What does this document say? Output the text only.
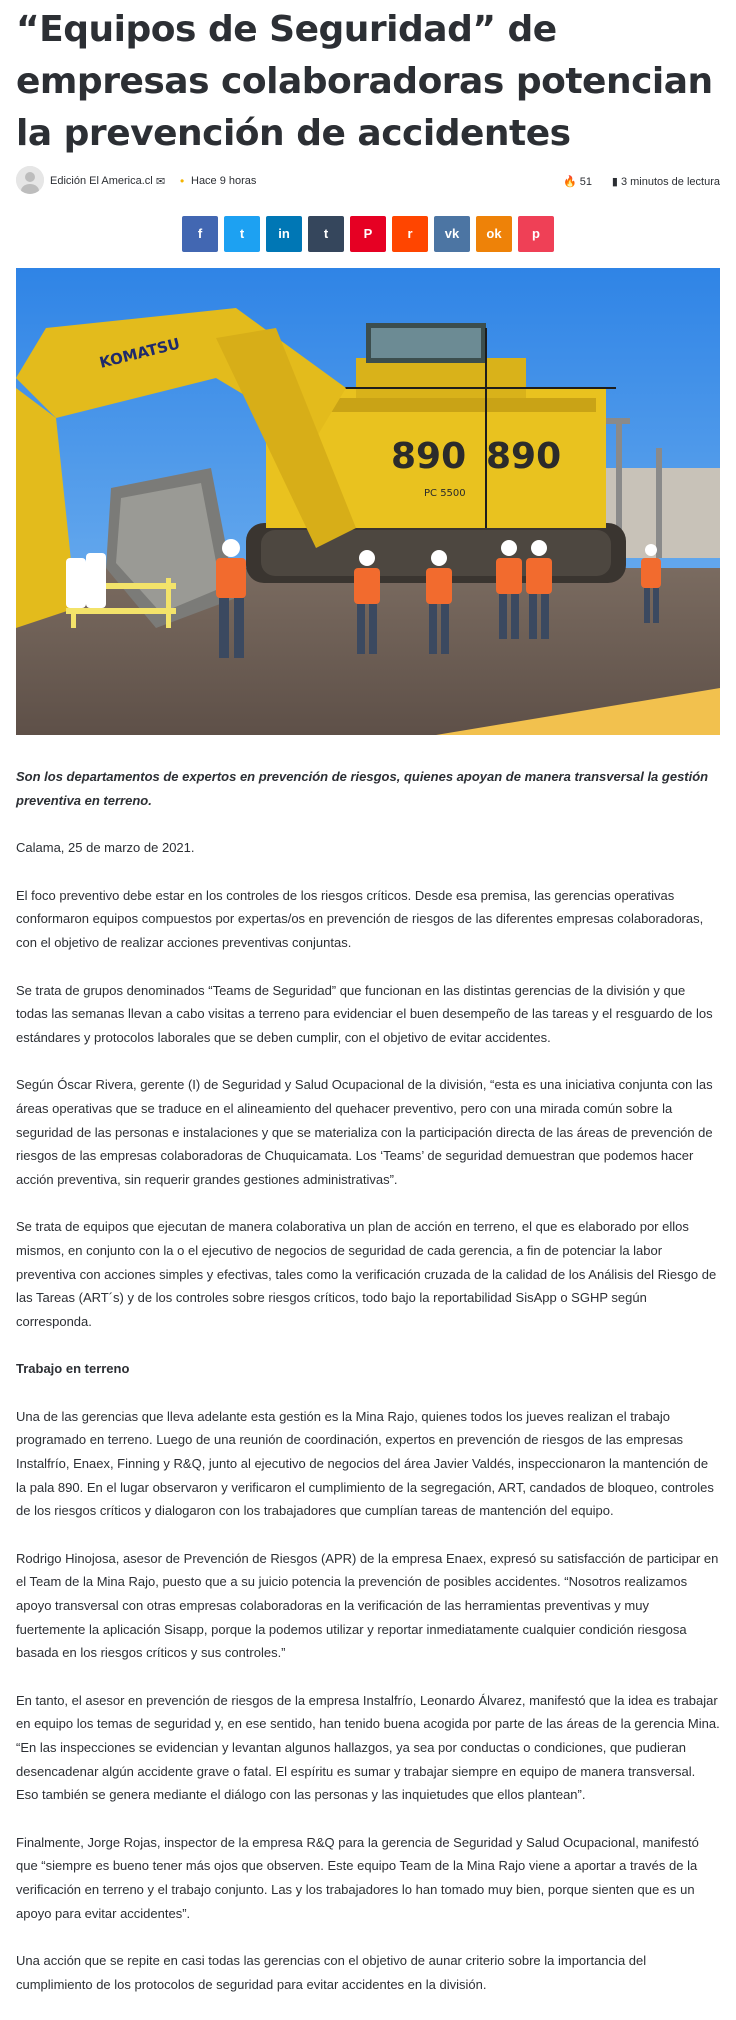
“Equipos de Seguridad” de empresas colaboradoras potencian la prevención de accidentes
Edición El America.cl ✉ • Hace 9 horas	🔥 51 ▮ 3 minutos de lectura
f	t	in	t	P	r vk ok p
890 890
PC 5500
KOMATSU

Son los departamentos de expertos en prevención de riesgos, quienes apoyan de manera transversal la gestión preventiva en terreno.

Calama, 25 de marzo de 2021.

El foco preventivo debe estar en los controles de los riesgos críticos. Desde esa premisa, las gerencias operativas conformaron equipos compuestos por expertas/os en prevención de riesgos de las diferentes empresas colaboradoras, con el objetivo de realizar acciones preventivas conjuntas.

Se trata de grupos denominados “Teams de Seguridad” que funcionan en las distintas gerencias de la división y que todas las semanas llevan a cabo visitas a terreno para evidenciar el buen desempeño de las tareas y el resguardo de los estándares y protocolos laborales que se deben cumplir, con el objetivo de evitar accidentes.

Según Óscar Rivera, gerente (I) de Seguridad y Salud Ocupacional de la división, “esta es una iniciativa conjunta con las áreas operativas que se traduce en el alineamiento del quehacer preventivo, pero con una mirada común sobre la seguridad de las personas e instalaciones y que se materializa con la participación directa de las áreas de prevención de riesgos de las empresas colaboradoras de Chuquicamata. Los ‘Teams’ de seguridad demuestran que podemos hacer acción preventiva, sin requerir grandes gestiones administrativas”.

Se trata de equipos que ejecutan de manera colaborativa un plan de acción en terreno, el que es elaborado por ellos mismos, en conjunto con la o el ejecutivo de negocios de seguridad de cada gerencia, a fin de potenciar la labor preventiva con acciones simples y efectivas, tales como la verificación cruzada de la calidad de los Análisis del Riesgo de las Tareas (ART´s) y de los controles sobre riesgos críticos, todo bajo la reportabilidad SisApp o SGHP según corresponda.

Trabajo en terreno

Una de las gerencias que lleva adelante esta gestión es la Mina Rajo, quienes todos los jueves realizan el trabajo programado en terreno. Luego de una reunión de coordinación, expertos en prevención de riesgos de las empresas Instalfrío, Enaex, Finning y R&Q, junto al ejecutivo de negocios del área Javier Valdés, inspeccionaron la mantención de la pala 890. En el lugar observaron y verificaron el cumplimiento de la segregación, ART, candados de bloqueo, controles de los riesgos críticos y dialogaron con los trabajadores que cumplían tareas de mantención del equipo.

Rodrigo Hinojosa, asesor de Prevención de Riesgos (APR) de la empresa Enaex, expresó su satisfacción de participar en el Team de la Mina Rajo, puesto que a su juicio potencia la prevención de posibles accidentes. “Nosotros realizamos apoyo transversal con otras empresas colaboradoras en la verificación de las herramientas preventivas y muy fuertemente la aplicación Sisapp, porque la podemos utilizar y reportar inmediatamente cualquier condición riesgosa basada en los riesgos críticos y sus controles.”

En tanto, el asesor en prevención de riesgos de la empresa Instalfrío, Leonardo Álvarez, manifestó que la idea es trabajar en equipo los temas de seguridad y, en ese sentido, han tenido buena acogida por parte de las áreas de la gerencia Mina. “En las inspecciones se evidencian y levantan algunos hallazgos, ya sea por conductas o condiciones, que pudieran desencadenar algún accidente grave o fatal. El espíritu es sumar y trabajar siempre en equipo de manera transversal. Eso también se genera mediante el diálogo con las personas y las inquietudes que ellos plantean”.

Finalmente, Jorge Rojas, inspector de la empresa R&Q para la gerencia de Seguridad y Salud Ocupacional, manifestó que “siempre es bueno tener más ojos que observen. Este equipo Team de la Mina Rajo viene a aportar a través de la verificación en terreno y el trabajo conjunto. Las y los trabajadores lo han tomado muy bien, porque sienten que es un apoyo para evitar accidentes”.

Una acción que se repite en casi todas las gerencias con el objetivo de aunar criterio sobre la importancia del cumplimiento de los protocolos de seguridad para evitar accidentes en la división.
